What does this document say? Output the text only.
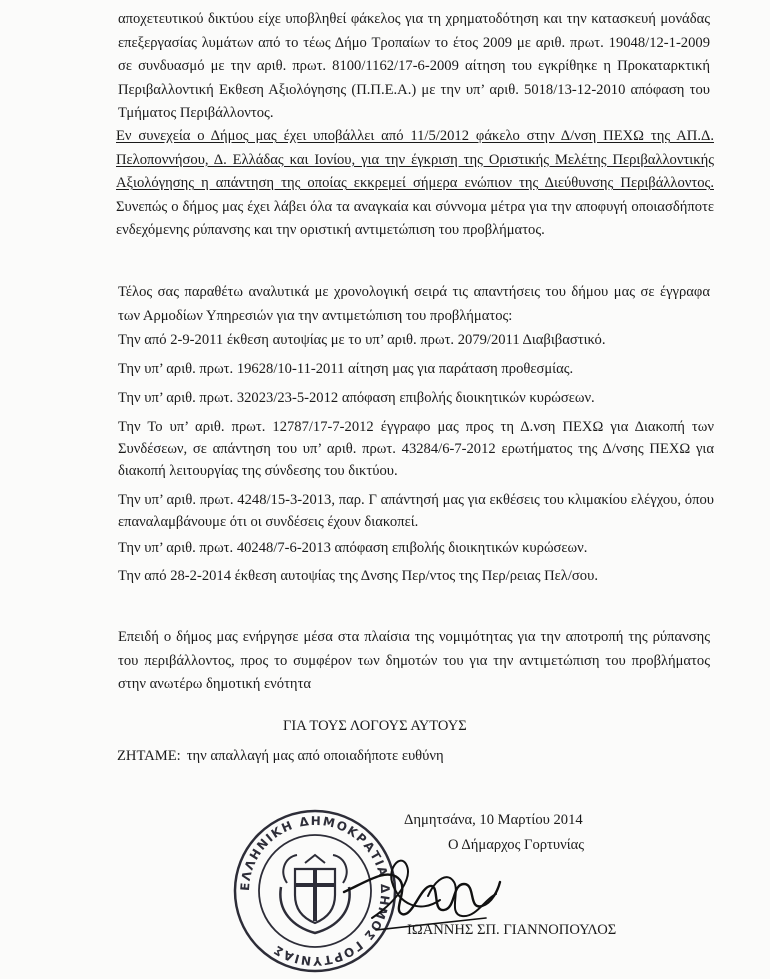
αποχετευτικού δικτύου είχε υποβληθεί φάκελος για τη χρηματοδότηση και την κατασκευή μονάδας επεξεργασίας λυμάτων από το τέως Δήμο Τροπαίων το έτος 2009 με αριθ. πρωτ. 19048/12-1-2009 σε συνδυασμό με την αριθ. πρωτ. 8100/1162/17-6-2009 αίτηση του εγκρίθηκε η Προκαταρκτική Περιβαλλοντική Εκθεση Αξιολόγησης (Π.Π.Ε.Α.) με την υπ’ αριθ. 5018/13-12-2010 απόφαση του Τμήματος Περιβάλλοντος.

Εν συνεχεία ο Δήμος μας έχει υποβάλλει από 11/5/2012 φάκελο στην Δ/νση ΠΕΧΩ της ΑΠ.Δ. Πελοποννήσου, Δ. Ελλάδας και Ιονίου, για την έγκριση της Οριστικής Μελέτης Περιβαλλοντικής Αξιολόγησης η απάντηση της οποίας εκκρεμεί σήμερα ενώπιον της Διεύθυνσης Περιβάλλοντος. Συνεπώς ο δήμος μας έχει λάβει όλα τα αναγκαία και σύννομα μέτρα για την αποφυγή οποιασδήποτε ενδεχόμενης ρύπανσης και την οριστική αντιμετώπιση του προβλήματος.

Τέλος σας παραθέτω αναλυτικά με χρονολογική σειρά τις απαντήσεις του δήμου μας σε έγγραφα των Αρμοδίων Υπηρεσιών για την αντιμετώπιση του προβλήματος:

Την από 2-9-2011 έκθεση αυτοψίας με το υπ’ αριθ. πρωτ. 2079/2011 Διαβιβαστικό.

Την υπ’ αριθ. πρωτ. 19628/10-11-2011 αίτηση μας για παράταση προθεσμίας.

Την υπ’ αριθ. πρωτ. 32023/23-5-2012 απόφαση επιβολής διοικητικών κυρώσεων.

Την Το υπ’ αριθ. πρωτ. 12787/17-7-2012 έγγραφο μας προς τη Δ.νση ΠΕΧΩ για Διακοπή των Συνδέσεων, σε απάντηση του υπ’ αριθ. πρωτ. 43284/6-7-2012 ερωτήματος της Δ/νσης ΠΕΧΩ για διακοπή λειτουργίας της σύνδεσης του δικτύου.

Την υπ’ αριθ. πρωτ. 4248/15-3-2013, παρ. Γ απάντησή μας για εκθέσεις του κλιμακίου ελέγχου, όπου επαναλαμβάνουμε ότι οι συνδέσεις έχουν διακοπεί.

Την υπ’ αριθ. πρωτ. 40248/7-6-2013 απόφαση επιβολής διοικητικών κυρώσεων.

Την από 28-2-2014 έκθεση αυτοψίας της Δνσης Περ/ντος της Περ/ρειας Πελ/σου.

Επειδή ο δήμος μας ενήργησε μέσα στα πλαίσια της νομιμότητας για την αποτροπή της ρύπανσης του περιβάλλοντος, προς το συμφέρον των δημοτών του για την αντιμετώπιση του προβλήματος στην ανωτέρω δημοτική ενότητα

ΓΙΑ ΤΟΥΣ ΛΟΓΟΥΣ ΑΥΤΟΥΣ
ΖΗΤΑΜΕ: την απαλλαγή μας από οποιαδήποτε ευθύνη
ΕΛΛΗΝΙΚΗ ΔΗΜΟΚΡΑΤΙΑ ΔΗΜΟΣ ΓΟΡΤΥΝΙΑΣ
Δημητσάνα, 10 Μαρτίου 2014
Ο Δήμαρχος Γορτυνίας
ΙΩΑΝΝΗΣ ΣΠ. ΓΙΑΝΝΟΠΟΥΛΟΣ
